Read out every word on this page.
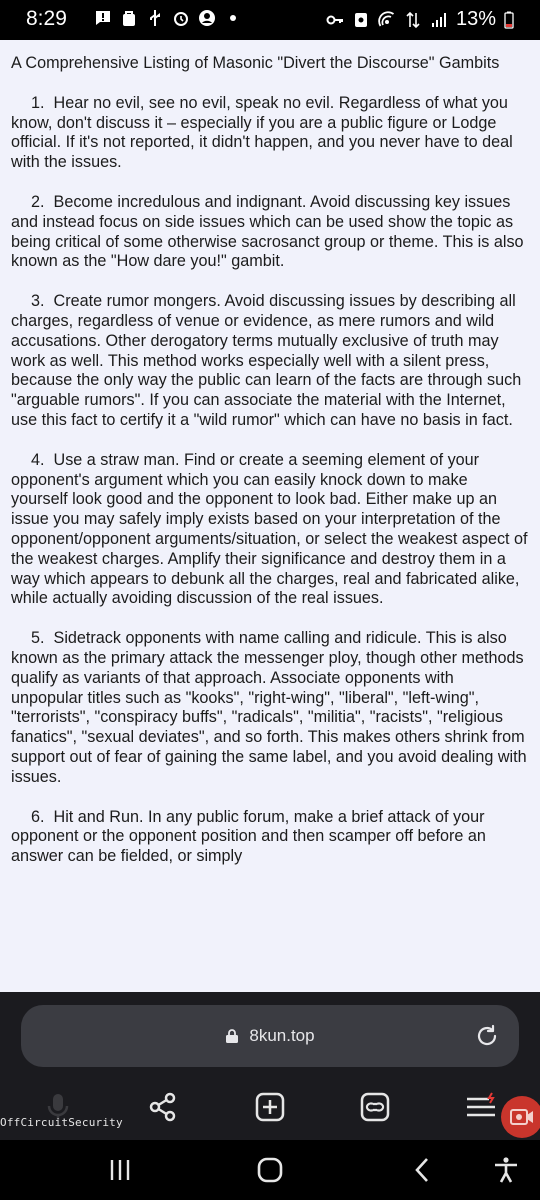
8:29	13%
A Comprehensive Listing of Masonic "Divert the Discourse" Gambits
1. Hear no evil, see no evil, speak no evil. Regardless of what you know, don't discuss it – especially if you are a public figure or Lodge official. If it's not reported, it didn't happen, and you never have to deal with the issues.
2. Become incredulous and indignant. Avoid discussing key issues and instead focus on side issues which can be used show the topic as being critical of some otherwise sacrosanct group or theme. This is also known as the "How dare you!" gambit.
3. Create rumor mongers. Avoid discussing issues by describing all charges, regardless of venue or evidence, as mere rumors and wild accusations. Other derogatory terms mutually exclusive of truth may work as well. This method works especially well with a silent press, because the only way the public can learn of the facts are through such "arguable rumors". If you can associate the material with the Internet, use this fact to certify it a "wild rumor" which can have no basis in fact.
4. Use a straw man. Find or create a seeming element of your opponent's argument which you can easily knock down to make yourself look good and the opponent to look bad. Either make up an issue you may safely imply exists based on your interpretation of the opponent/opponent arguments/situation, or select the weakest aspect of the weakest charges. Amplify their significance and destroy them in a way which appears to debunk all the charges, real and fabricated alike, while actually avoiding discussion of the real issues.
5. Sidetrack opponents with name calling and ridicule. This is also known as the primary attack the messenger ploy, though other methods qualify as variants of that approach. Associate opponents with unpopular titles such as "kooks", "right-wing", "liberal", "left-wing", "terrorists", "conspiracy buffs", "radicals", "militia", "racists", "religious fanatics", "sexual deviates", and so forth. This makes others shrink from support out of fear of gaining the same label, and you avoid dealing with issues.
6. Hit and Run. In any public forum, make a brief attack of your opponent or the opponent position and then scamper off before an answer can be fielded, or simply
8kun.top
OffCircuitSecurity
